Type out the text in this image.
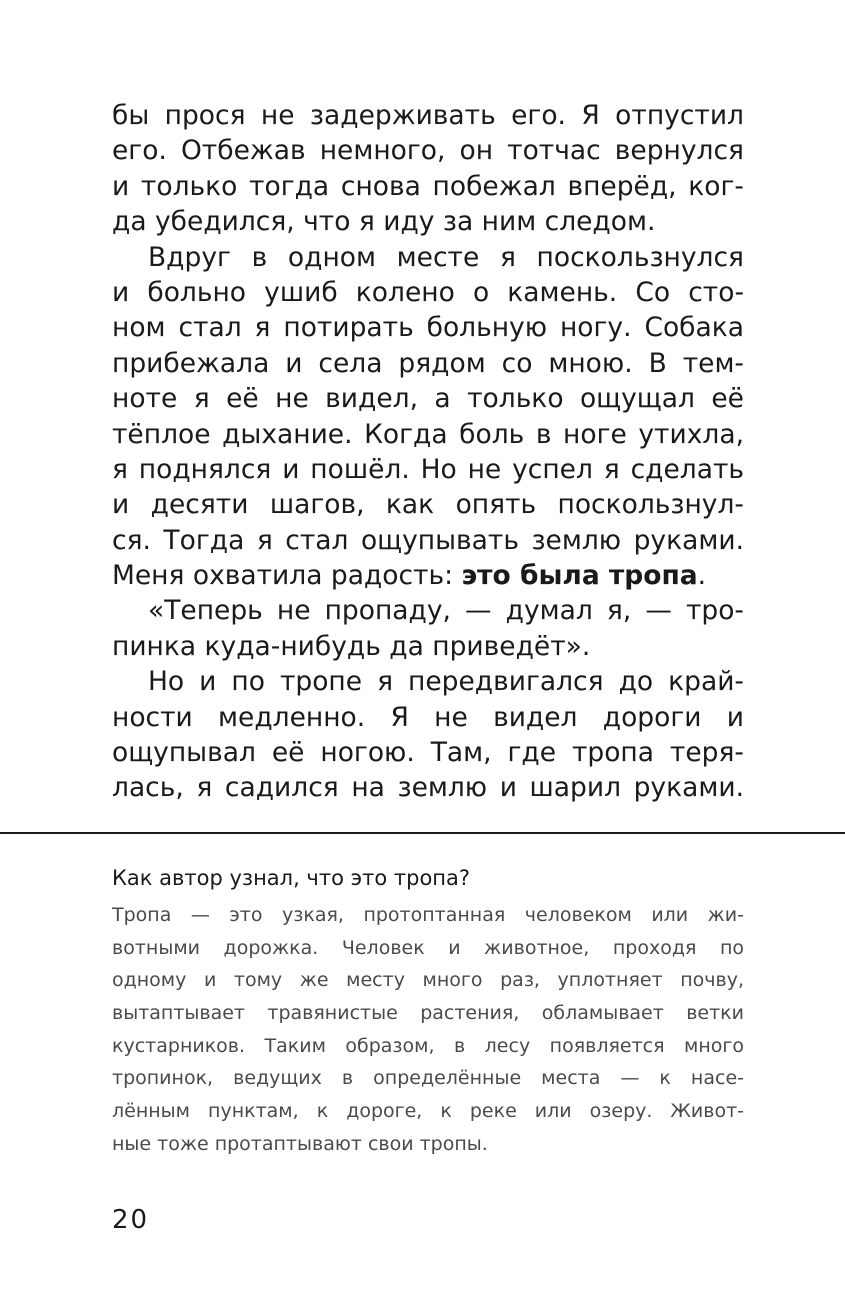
бы прося не задерживать его. Я отпустил
его. Отбежав немного, он тотчас вернулся
и только тогда снова побежал вперёд, ког-
да убедился, что я иду за ним следом.
Вдруг в одном месте я поскользнулся
и больно ушиб колено о камень. Со сто-
ном стал я потирать больную ногу. Собака
прибежала и села рядом со мною. В тем-
ноте я её не видел, а только ощущал её
тёплое дыхание. Когда боль в ноге утихла,
я поднялся и пошёл. Но не успел я сделать
и десяти шагов, как опять поскользнул-
ся. Тогда я стал ощупывать землю руками.
Меня охватила радость: это была тропа.
«Теперь не пропаду, — думал я, — тро-
пинка куда-нибудь да приведёт».
Но и по тропе я передвигался до край-
ности медленно. Я не видел дороги и
ощупывал её ногою. Там, где тропа теря-
лась, я садился на землю и шарил руками.
Как автор узнал, что это тропа?
Тропа — это узкая, протоптанная человеком или жи-
вотными дорожка. Человек и животное, проходя по
одному и тому же месту много раз, уплотняет почву,
вытаптывает травянистые растения, обламывает ветки
кустарников. Таким образом, в лесу появляется много
тропинок, ведущих в определённые места — к насе-
лённым пунктам, к дороге, к реке или озеру. Живот-
ные тоже протаптывают свои тропы.
20
